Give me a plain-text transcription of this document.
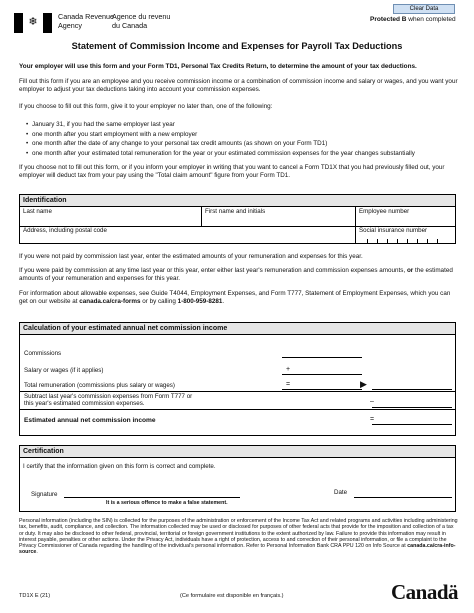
❄	Canada Revenue
Agency
Agence du revenu
du Canada
Clear Data
Protected B when completed
Statement of Commission Income and Expenses for Payroll Tax Deductions
Your employer will use this form and your Form TD1, Personal Tax Credits Return, to determine the amount of your tax deductions.
Fill out this form if you are an employee and you receive commission income or a combination of commission income and salary or wages, and you want your employer to adjust your tax deductions taking into account your commission expenses.
If you choose to fill out this form, give it to your employer no later than, one of the following:
• January 31, if you had the same employer last year
• one month after you start employment with a new employer
• one month after the date of any change to your personal tax credit amounts (as shown on your Form TD1)
• one month after your estimated total remuneration for the year or your estimated commission expenses for the year changes substantially
If you choose not to fill out this form, or if you inform your employer in writing that you want to cancel a Form TD1X that you had previously filled out, your employer will deduct tax from your pay using the "Total claim amount" figure from your Form TD1.
Identification
Last name	First name and initials	Employee number
Address, including postal code	Social insurance number
If you were not paid by commission last year, enter the estimated amounts of your remuneration and expenses for this year.
If you were paid by commission at any time last year or this year, enter either last year's remuneration and commission expenses amounts, or the estimated amounts of your remuneration and expenses for this year.
For information about allowable expenses, see Guide T4044, Employment Expenses, and Form T777, Statement of Employment Expenses, which you can get on our website at canada.ca/cra-forms or by calling 1-800-959-8281.
Calculation of your estimated annual net commission income
Commissions
Salary or wages (if it applies)	+
Total remuneration (commissions plus salary or wages)	=	▶
Subtract last year's commission expenses from Form T777 or
this year's estimated commission expenses.	–
Estimated annual net commission income	=
Certification
I certify that the information given on this form is correct and complete.
Signature
It is a serious offence to make a false statement.
Date
Personal information (including the SIN) is collected for the purposes of the administration or enforcement of the Income Tax Act and related programs and activities including administering tax, benefits, audit, compliance, and collection. The information collected may be used or disclosed for purposes of other federal acts that provide for the imposition and collection of a tax or duty. It may also be disclosed to other federal, provincial, territorial or foreign government institutions to the extent authorized by law. Failure to provide this information may result in interest payable, penalties or other actions. Under the Privacy Act, individuals have a right of protection, access to and correction of their personal information, or file a complaint to the Privacy Commissioner of Canada regarding the handling of the individual's personal information. Refer to Personal Information Bank CRA PPU 120 on Info Source at canada.ca/cra-info-source.
TD1X E (21)	(Ce formulaire est disponible en français.)	Canadä
